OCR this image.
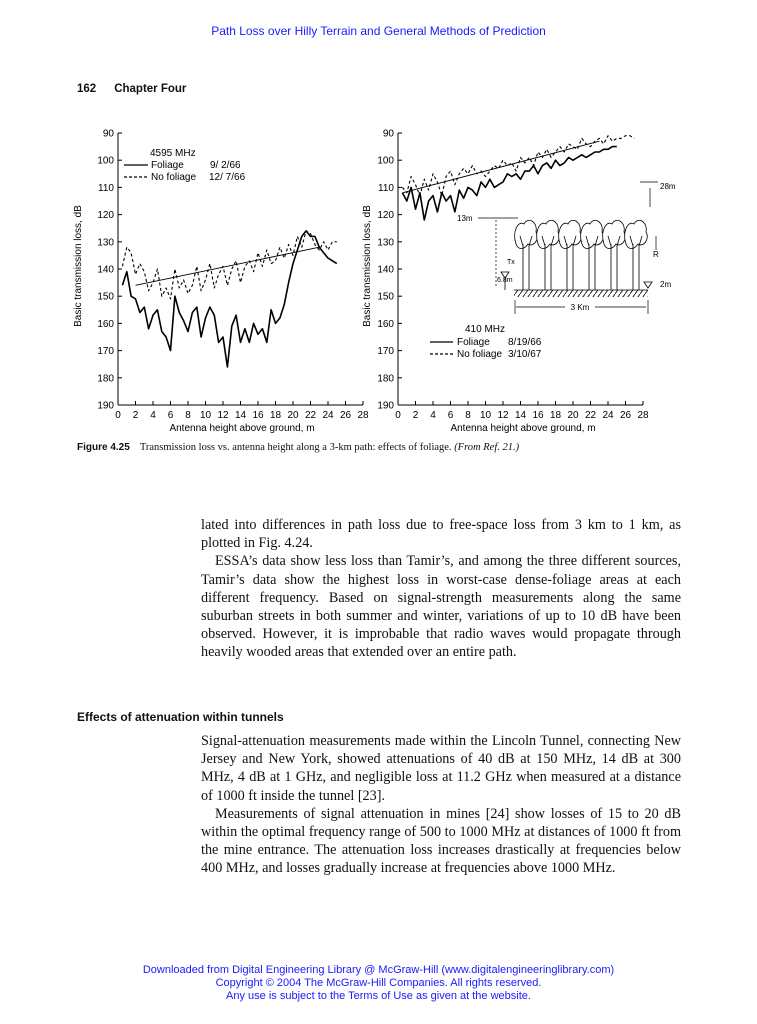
Path Loss over Hilly Terrain and General Methods of Prediction
162 Chapter Four
Basic transmission loss, dB
Antenna height above ground, m
4595 MHz
Foliage	9/ 2/66
No foliage 12/ 7/66
90
100
110
120
130
140
150
160
170
180
190
0 2 4 6 8 10 12 14 16 18 20 22 24 26 28
Basic transmission loss, dB
Antenna height above ground, m
28m
13m
Tx
6.8m
R
2m
3 Km
410 MHz
Foliage 8/19/66
No foliage 3/10/67
90
100
110
120
130
140
150
160
170
180
190
0 2 4 6 8 10 12 14 16 18 20 22 24 26 28
Figure 4.25 Transmission loss vs. antenna height along a 3-km path: effects of foliage. (From Ref. 21.)

lated into differences in path loss due to free-space loss from 3 km to 1 km, as plotted in Fig. 4.24.

ESSA’s data show less loss than Tamir’s, and among the three different sources, Tamir’s data show the highest loss in worst-case dense-foliage areas at each different frequency. Based on signal-strength measurements along the same suburban streets in both summer and winter, variations of up to 10 dB have been observed. However, it is improbable that radio waves would propagate through heavily wooded areas that extended over an entire path.

Effects of attenuation within tunnels

Signal-attenuation measurements made within the Lincoln Tunnel, connecting New Jersey and New York, showed attenuations of 40 dB at 150 MHz, 14 dB at 300 MHz, 4 dB at 1 GHz, and negligible loss at 11.2 GHz when measured at a distance of 1000 ft inside the tunnel [23].

Measurements of signal attenuation in mines [24] show losses of 15 to 20 dB within the optimal frequency range of 500 to 1000 MHz at distances of 1000 ft from the mine entrance. The attenuation loss increases drastically at frequencies below 400 MHz, and losses gradually increase at frequencies above 1000 MHz.

Downloaded from Digital Engineering Library @ McGraw-Hill (www.digitalengineeringlibrary.com)
Copyright © 2004 The McGraw-Hill Companies. All rights reserved.
Any use is subject to the Terms of Use as given at the website.
